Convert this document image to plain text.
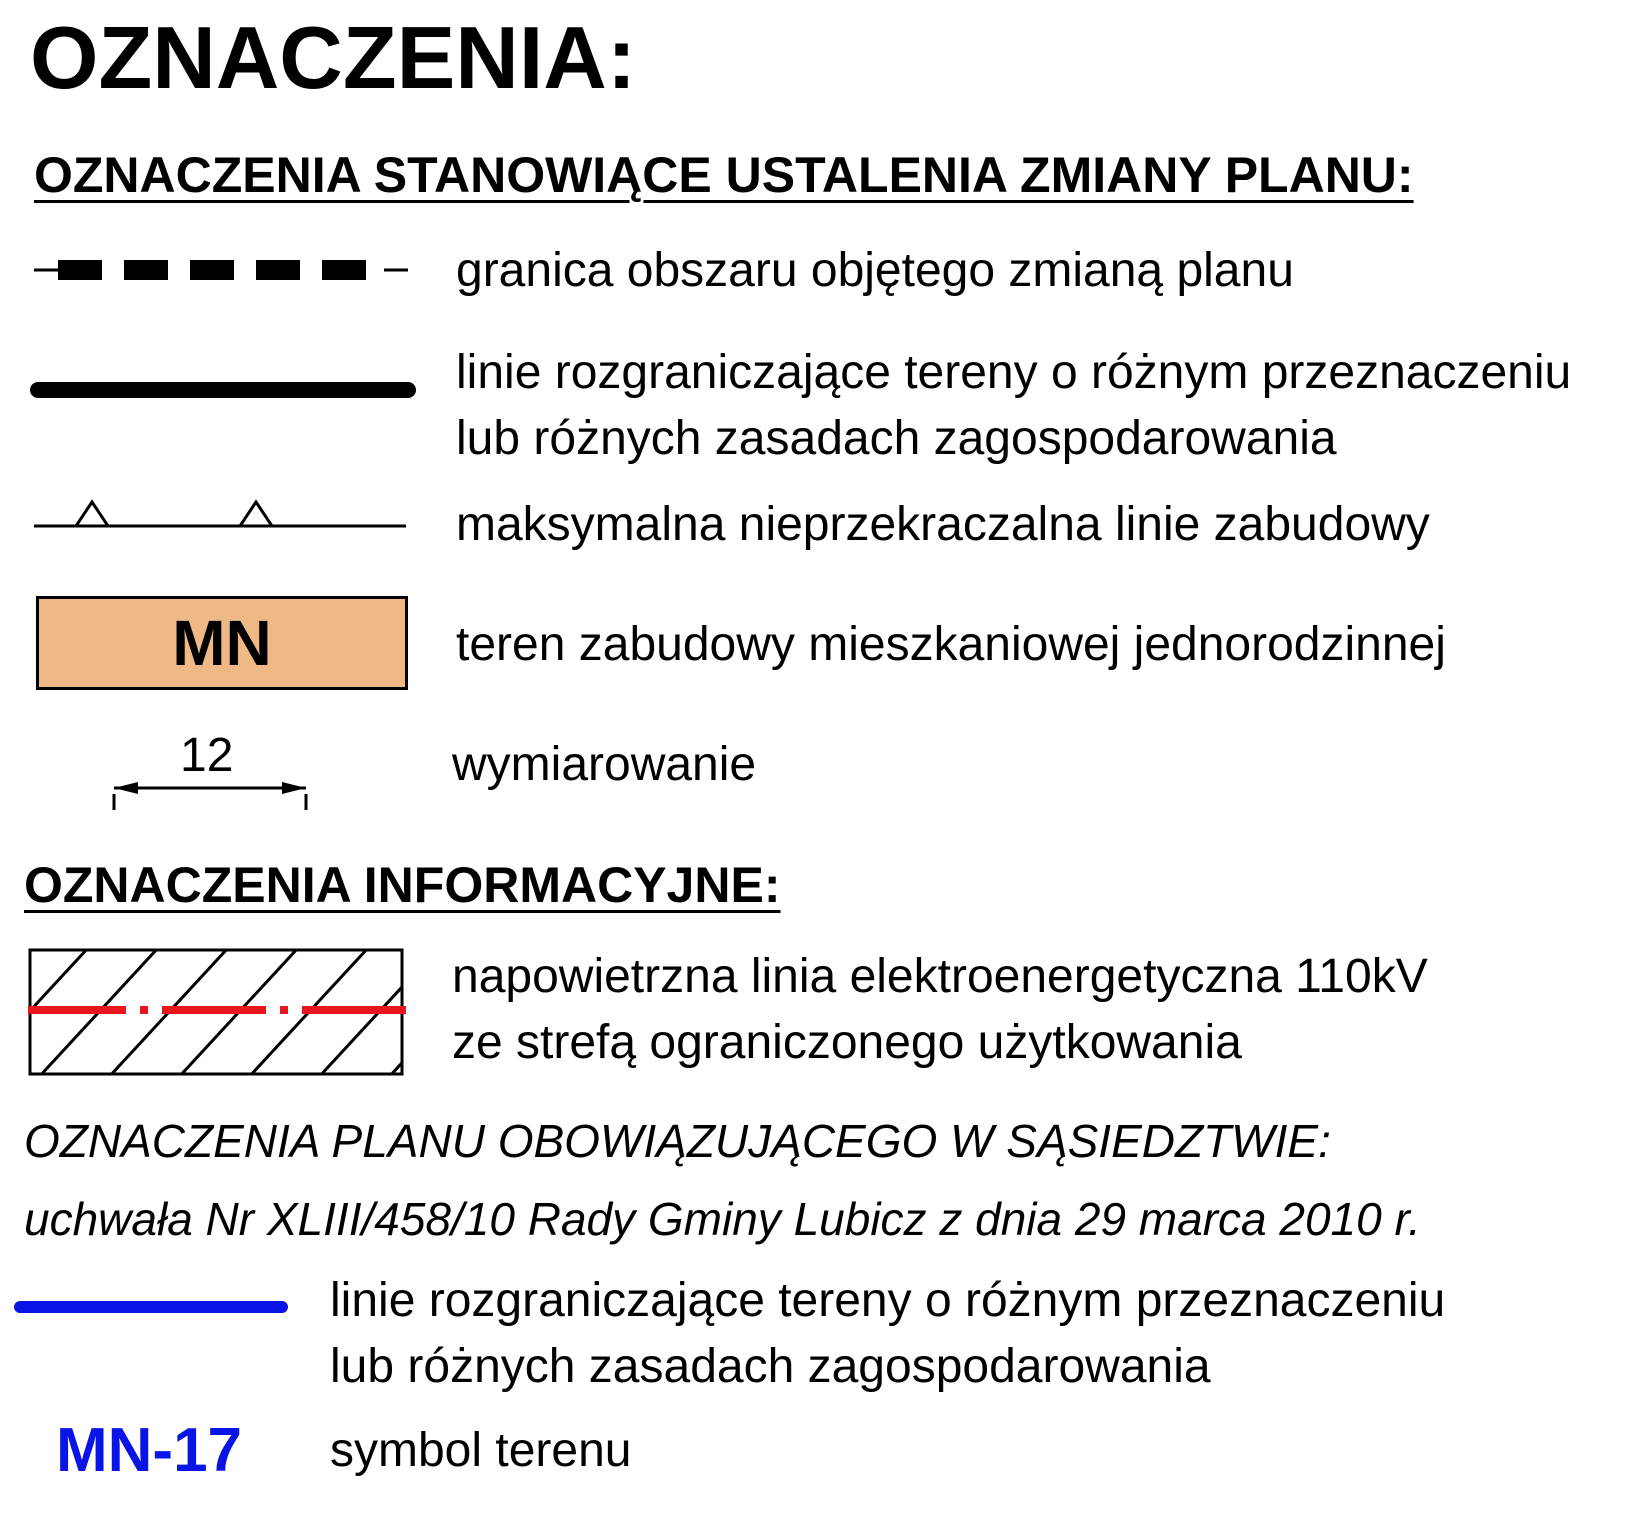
OZNACZENIA:
OZNACZENIA STANOWIĄCE USTALENIA ZMIANY PLANU:
granica obszaru objętego zmianą planu
linie rozgraniczające tereny o różnym przeznaczeniu
lub różnych zasadach zagospodarowania
maksymalna nieprzekraczalna linie zabudowy
MN	teren zabudowy mieszkaniowej jednorodzinnej
12	wymiarowanie
OZNACZENIA INFORMACYJNE:
napowietrzna linia elektroenergetyczna 110kV
ze strefą ograniczonego użytkowania
OZNACZENIA PLANU OBOWIĄZUJĄCEGO W SĄSIEDZTWIE:
uchwała Nr XLIII/458/10 Rady Gminy Lubicz z dnia 29 marca 2010 r.
linie rozgraniczające tereny o różnym przeznaczeniu
lub różnych zasadach zagospodarowania
MN-17 symbol terenu
